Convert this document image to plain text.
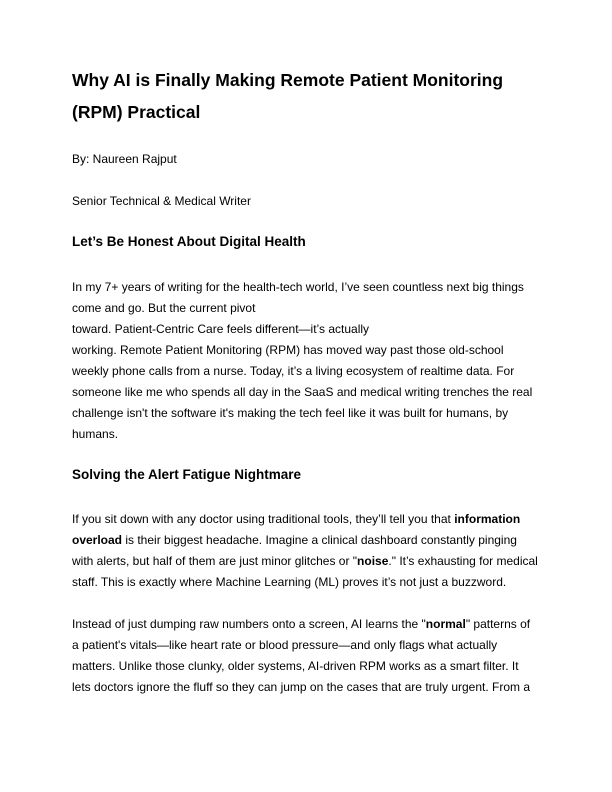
Why AI is Finally Making Remote Patient Monitoring
(RPM) Practical
By: Naureen Rajput
Senior Technical & Medical Writer
Let’s Be Honest About Digital Health
In my 7+ years of writing for the health-tech world, I’ve seen countless next big things
come and go. But the current pivot
toward. Patient-Centric Care feels different—it’s actually
working. Remote Patient Monitoring (RPM) has moved way past those old-school
weekly phone calls from a nurse. Today, it’s a living ecosystem of realtime data. For
someone like me who spends all day in the SaaS and medical writing trenches the real
challenge isn't the software it's making the tech feel like it was built for humans, by
humans.
Solving the Alert Fatigue Nightmare
If you sit down with any doctor using traditional tools, they’ll tell you that information
overload is their biggest headache. Imagine a clinical dashboard constantly pinging
with alerts, but half of them are just minor glitches or "noise." It’s exhausting for medical
staff. This is exactly where Machine Learning (ML) proves it’s not just a buzzword.
Instead of just dumping raw numbers onto a screen, AI learns the "normal" patterns of
a patient's vitals—like heart rate or blood pressure—and only flags what actually
matters. Unlike those clunky, older systems, AI-driven RPM works as a smart filter. It
lets doctors ignore the fluff so they can jump on the cases that are truly urgent. From a
